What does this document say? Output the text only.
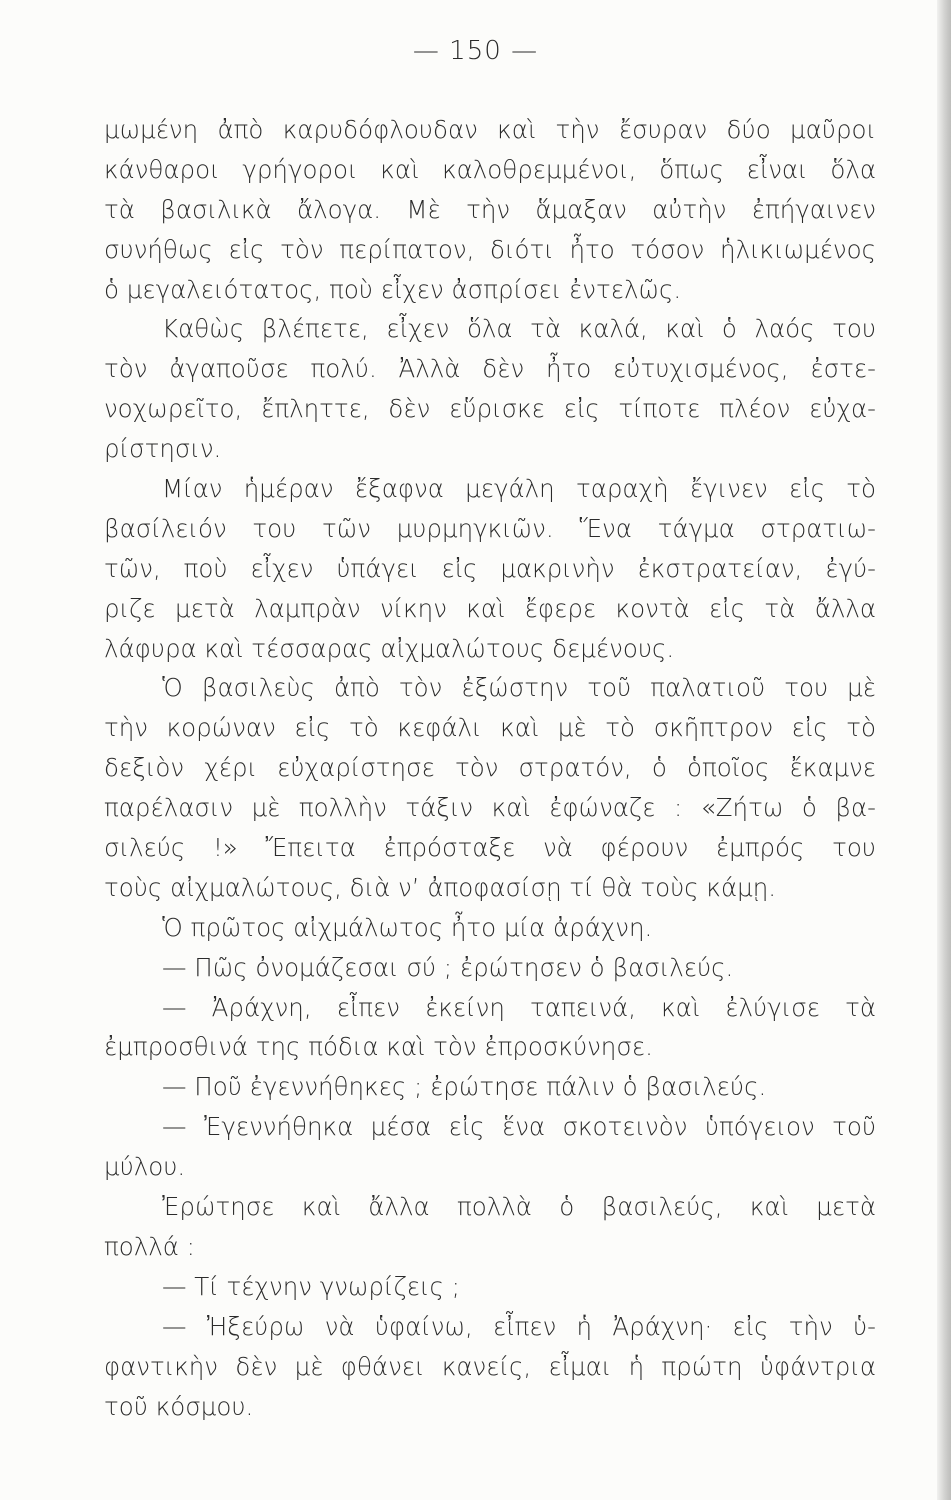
— 150 —
μωμένη ἀπὸ καρυδόφλουδαν καὶ τὴν ἔσυραν δύο μαῦροι
κάνθαροι γρήγοροι καὶ καλοθρεμμένοι, ὅπως εἶναι ὅλα
τὰ βασιλικὰ ἄλογα. Μὲ τὴν ἅμαξαν αὐτὴν ἐπήγαινεν
συνήθως εἰς τὸν περίπατον, διότι ἦτο τόσον ἡλικιωμένος
ὁ μεγαλειότατος, ποὺ εἶχεν ἀσπρίσει ἐντελῶς.
Καθὼς βλέπετε, εἶχεν ὅλα τὰ καλά, καὶ ὁ λαός του
τὸν ἀγαποῦσε πολύ. Ἀλλὰ δὲν ἦτο εὐτυχισμένος, ἐστε-
νοχωρεῖτο, ἔπληττε, δὲν εὕρισκε εἰς τίποτε πλέον εὐχα-
ρίστησιν.
Μίαν ἡμέραν ἔξαφνα μεγάλη ταραχὴ ἔγινεν εἰς τὸ
βασίλειόν του τῶν μυρμηγκιῶν. Ἕνα τάγμα στρατιω-
τῶν, ποὺ εἶχεν ὑπάγει εἰς μακρινὴν ἐκστρατείαν, ἐγύ-
ριζε μετὰ λαμπρὰν νίκην καὶ ἔφερε κοντὰ εἰς τὰ ἄλλα
λάφυρα καὶ τέσσαρας αἰχμαλώτους δεμένους.
Ὁ βασιλεὺς ἀπὸ τὸν ἐξώστην τοῦ παλατιοῦ του μὲ
τὴν κορώναν εἰς τὸ κεφάλι καὶ μὲ τὸ σκῆπτρον εἰς τὸ
δεξιὸν χέρι εὐχαρίστησε τὸν στρατόν, ὁ ὁποῖος ἔκαμνε
παρέλασιν μὲ πολλὴν τάξιν καὶ ἐφώναζε : «Ζήτω ὁ βα-
σιλεύς !» Ἔπειτα ἐπρόσταξε νὰ φέρουν ἐμπρός του
τοὺς αἰχμαλώτους, διὰ ν’ ἀποφασίσῃ τί θὰ τοὺς κάμῃ.
Ὁ πρῶτος αἰχμάλωτος ἦτο μία ἀράχνη.
— Πῶς ὀνομάζεσαι σύ ; ἐρώτησεν ὁ βασιλεύς.
— Ἀράχνη, εἶπεν ἐκείνη ταπεινά, καὶ ἐλύγισε τὰ
ἐμπροσθινά της πόδια καὶ τὸν ἐπροσκύνησε.
— Ποῦ ἐγεννήθηκες ; ἐρώτησε πάλιν ὁ βασιλεύς.
— Ἐγεννήθηκα μέσα εἰς ἕνα σκοτεινὸν ὑπόγειον τοῦ
μύλου.
Ἐρώτησε καὶ ἄλλα πολλὰ ὁ βασιλεύς, καὶ μετὰ
πολλά :
— Τί τέχνην γνωρίζεις ;
— Ἠξεύρω νὰ ὑφαίνω, εἶπεν ἡ Ἀράχνη· εἰς τὴν ὑ-
φαντικὴν δὲν μὲ φθάνει κανείς, εἶμαι ἡ πρώτη ὑφάντρια
τοῦ κόσμου.
